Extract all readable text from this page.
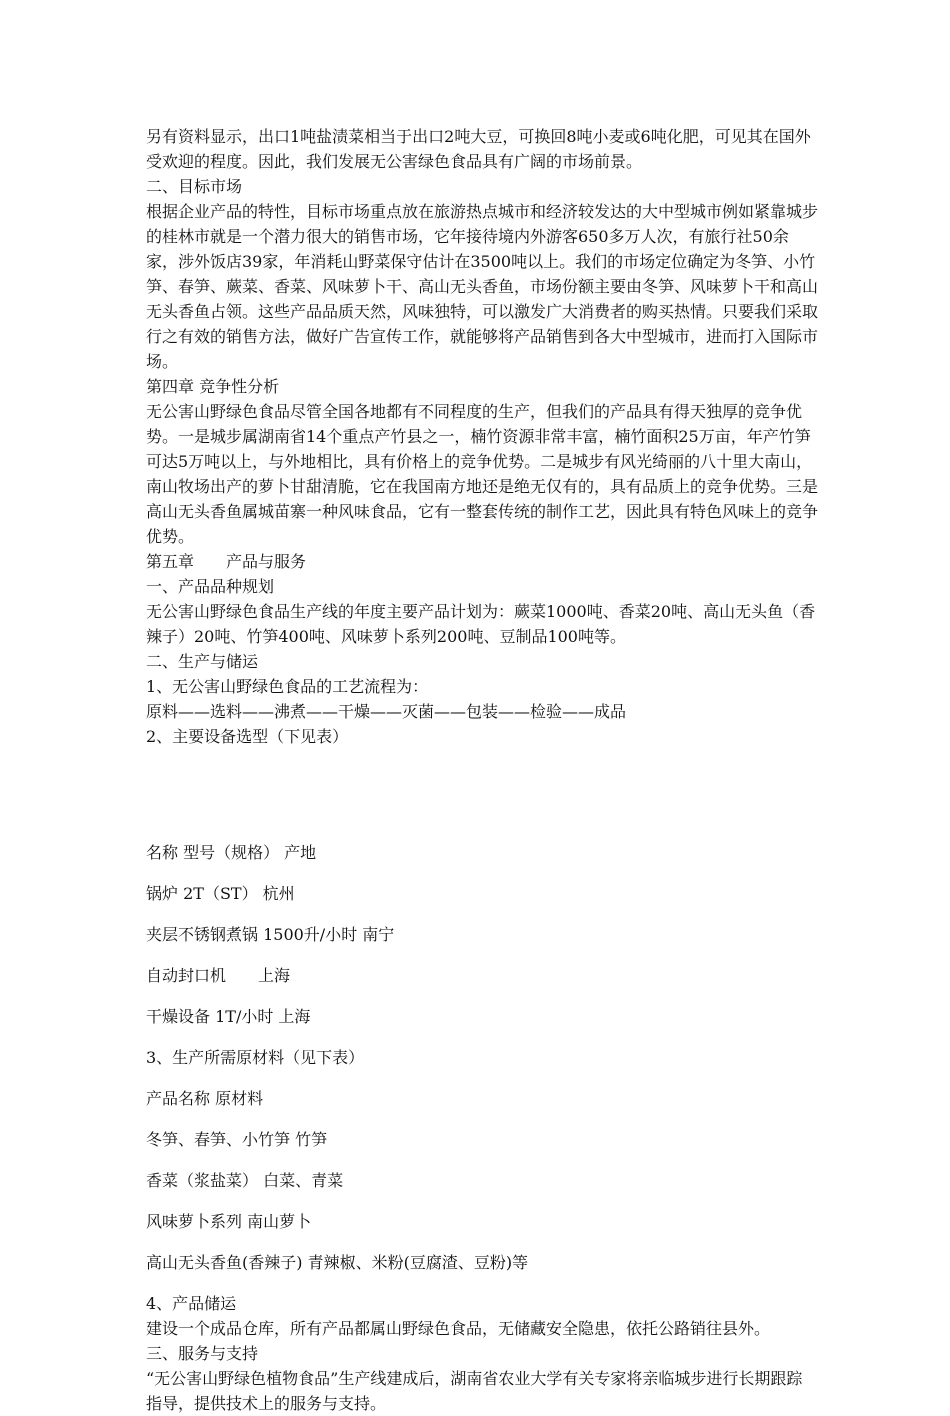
另有资料显示，出口1吨盐渍菜相当于出口2吨大豆，可换回8吨小麦或6吨化肥，可见其在国外受欢迎的程度。因此，我们发展无公害绿色食品具有广阔的市场前景。

二、目标市场

根据企业产品的特性，目标市场重点放在旅游热点城市和经济较发达的大中型城市例如紧靠城步的桂林市就是一个潜力很大的销售市场，它年接待境内外游客650多万人次，有旅行社50余家，涉外饭店39家，年消耗山野菜保守估计在3500吨以上。我们的市场定位确定为冬笋、小竹笋、春笋、蕨菜、香菜、风味萝卜干、高山无头香鱼，市场份额主要由冬笋、风味萝卜干和高山无头香鱼占领。这些产品品质天然，风味独特，可以激发广大消费者的购买热情。只要我们采取行之有效的销售方法，做好广告宣传工作，就能够将产品销售到各大中型城市，进而打入国际市场。

第四章 竞争性分析

无公害山野绿色食品尽管全国各地都有不同程度的生产，但我们的产品具有得天独厚的竞争优势。一是城步属湖南省14个重点产竹县之一，楠竹资源非常丰富，楠竹面积25万亩，年产竹笋可达5万吨以上，与外地相比，具有价格上的竞争优势。二是城步有风光绮丽的八十里大南山，南山牧场出产的萝卜甘甜清脆，它在我国南方地还是绝无仅有的，具有品质上的竞争优势。三是高山无头香鱼属城苗寨一种风味食品，它有一整套传统的制作工艺，因此具有特色风味上的竞争优势。

第五章　　产品与服务

一、产品品种规划

无公害山野绿色食品生产线的年度主要产品计划为：蕨菜1000吨、香菜20吨、高山无头鱼（香辣子）20吨、竹笋400吨、风味萝卜系列200吨、豆制品100吨等。

二、生产与储运

1、无公害山野绿色食品的工艺流程为：

原料——选料——沸煮——干燥——灭菌——包装——检验——成品

2、主要设备选型（下见表）

名称 型号（规格） 产地

锅炉 2T（ST） 杭州

夹层不锈钢煮锅 1500升/小时 南宁

自动封口机　　上海

干燥设备 1T/小时 上海

3、生产所需原材料（见下表）

产品名称 原材料

冬笋、春笋、小竹笋 竹笋

香菜（浆盐菜） 白菜、青菜

风味萝卜系列 南山萝卜

高山无头香鱼(香辣子) 青辣椒、米粉(豆腐渣、豆粉)等

4、产品储运

建设一个成品仓库，所有产品都属山野绿色食品，无储藏安全隐患，依托公路销往县外。

三、服务与支持

“无公害山野绿色植物食品”生产线建成后，湖南省农业大学有关专家将亲临城步进行长期跟踪指导，提供技术上的服务与支持。
